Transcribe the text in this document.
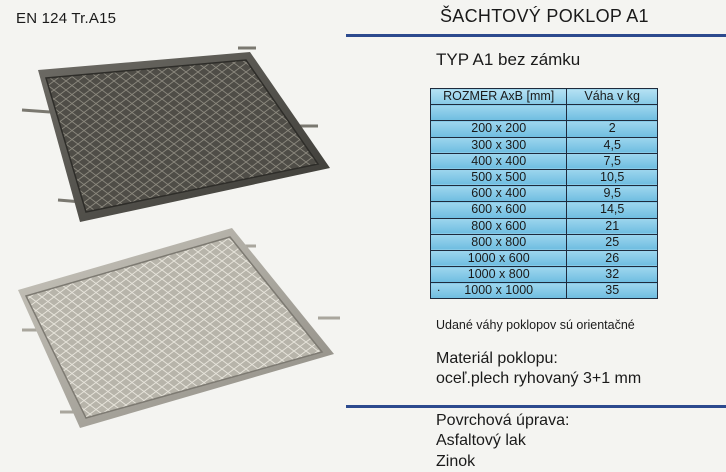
EN 124 Tr.A15	ŠACHTOVÝ POKLOP A1
TYP A1 bez zámku
ROZMER AxB [mm]	Váha v kg

200 x 200	2
300 x 300	4,5
400 x 400	7,5
500 x 500	10,5
600 x 400	9,5
600 x 600	14,5
800 x 600	21
800 x 800	25
1000 x 600	26
1000 x 800	32

. 1000 x 1000	35
Udané váhy poklopov sú orientačné
Materiál poklopu:
oceľ.plech ryhovaný 3+1 mm
Povrchová úprava:
Asfaltový lak
Zinok
